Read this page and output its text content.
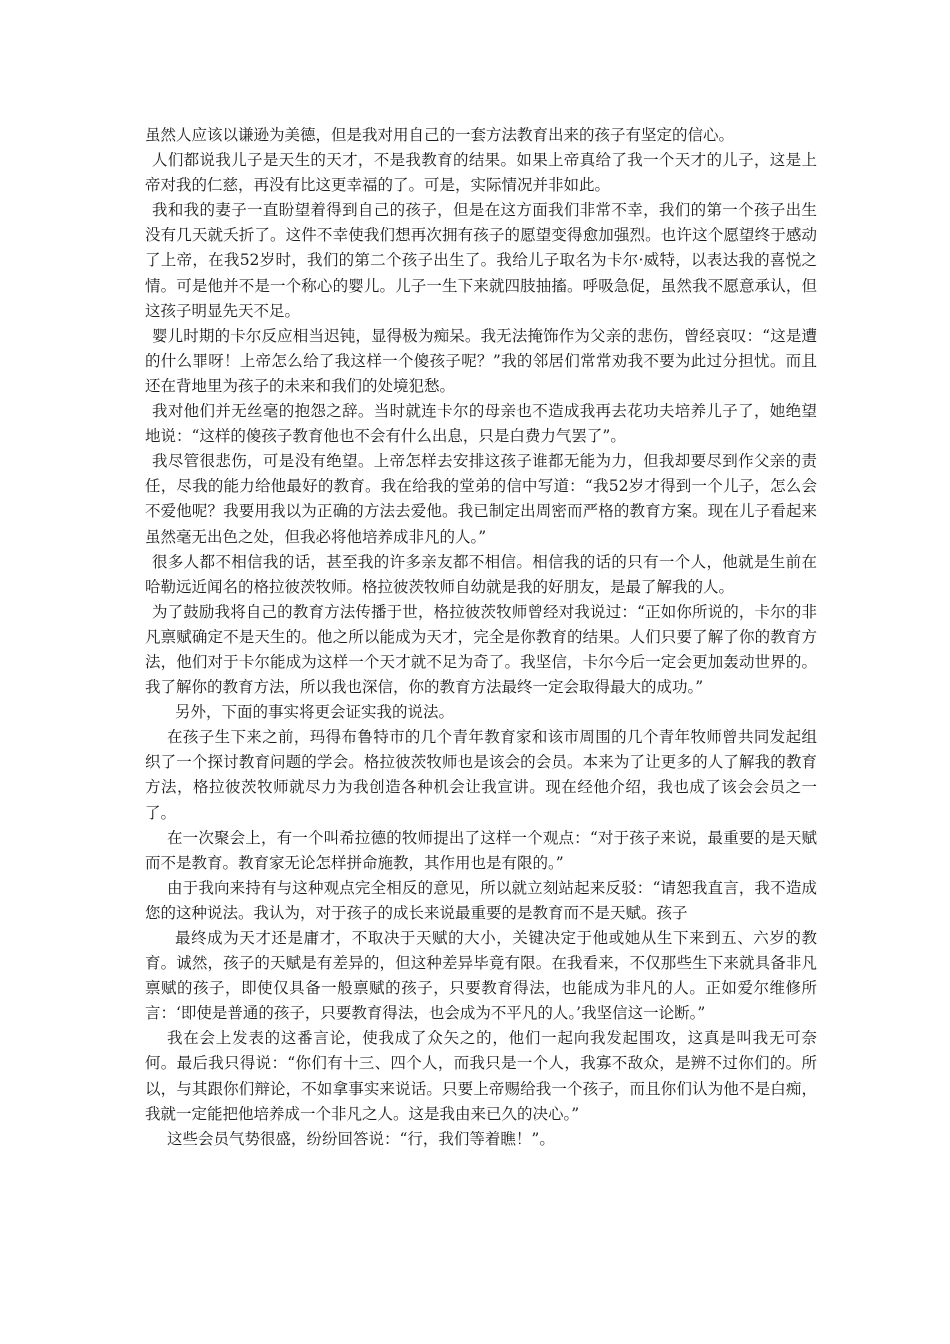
虽然人应该以谦逊为美德，但是我对用自己的一套方法教育出来的孩子有坚定的信心。

人们都说我儿子是天生的天才，不是我教育的结果。如果上帝真给了我一个天才的儿子，这是上帝对我的仁慈，再没有比这更幸福的了。可是，实际情况并非如此。

我和我的妻子一直盼望着得到自己的孩子，但是在这方面我们非常不幸，我们的第一个孩子出生没有几天就夭折了。这件不幸使我们想再次拥有孩子的愿望变得愈加强烈。也许这个愿望终于感动了上帝，在我52岁时，我们的第二个孩子出生了。我给儿子取名为卡尔·威特，以表达我的喜悦之情。可是他并不是一个称心的婴儿。儿子一生下来就四肢抽搐。呼吸急促，虽然我不愿意承认，但这孩子明显先天不足。

婴儿时期的卡尔反应相当迟钝，显得极为痴呆。我无法掩饰作为父亲的悲伤，曾经哀叹：“这是遭的什么罪呀！上帝怎么给了我这样一个傻孩子呢？”我的邻居们常常劝我不要为此过分担忧。而且还在背地里为孩子的未来和我们的处境犯愁。

我对他们并无丝毫的抱怨之辞。当时就连卡尔的母亲也不造成我再去花功夫培养儿子了，她绝望地说：“这样的傻孩子教育他也不会有什么出息，只是白费力气罢了”。

我尽管很悲伤，可是没有绝望。上帝怎样去安排这孩子谁都无能为力，但我却要尽到作父亲的责任，尽我的能力给他最好的教育。我在给我的堂弟的信中写道：“我52岁才得到一个儿子，怎么会不爱他呢？我要用我以为正确的方法去爱他。我已制定出周密而严格的教育方案。现在儿子看起来虽然毫无出色之处，但我必将他培养成非凡的人。”

很多人都不相信我的话，甚至我的许多亲友都不相信。相信我的话的只有一个人，他就是生前在哈勒远近闻名的格拉彼茨牧师。格拉彼茨牧师自幼就是我的好朋友，是最了解我的人。

为了鼓励我将自己的教育方法传播于世，格拉彼茨牧师曾经对我说过：“正如你所说的，卡尔的非凡禀赋确定不是天生的。他之所以能成为天才，完全是你教育的结果。人们只要了解了你的教育方法，他们对于卡尔能成为这样一个天才就不足为奇了。我坚信，卡尔今后一定会更加轰动世界的。我了解你的教育方法，所以我也深信，你的教育方法最终一定会取得最大的成功。”

另外，下面的事实将更会证实我的说法。

在孩子生下来之前，玛得布鲁特市的几个青年教育家和该市周围的几个青年牧师曾共同发起组织了一个探讨教育问题的学会。格拉彼茨牧师也是该会的会员。本来为了让更多的人了解我的教育方法，格拉彼茨牧师就尽力为我创造各种机会让我宣讲。现在经他介绍，我也成了该会会员之一了。

在一次聚会上，有一个叫希拉德的牧师提出了这样一个观点：“对于孩子来说，最重要的是天赋而不是教育。教育家无论怎样拼命施教，其作用也是有限的。”

由于我向来持有与这种观点完全相反的意见，所以就立刻站起来反驳：“请恕我直言，我不造成您的这种说法。我认为，对于孩子的成长来说最重要的是教育而不是天赋。孩子

最终成为天才还是庸才，不取决于天赋的大小，关键决定于他或她从生下来到五、六岁的教育。诚然，孩子的天赋是有差异的，但这种差异毕竟有限。在我看来，不仅那些生下来就具备非凡禀赋的孩子，即使仅具备一般禀赋的孩子，只要教育得法，也能成为非凡的人。正如爱尔维修所言：‘即使是普通的孩子，只要教育得法，也会成为不平凡的人。’我坚信这一论断。”

我在会上发表的这番言论，使我成了众矢之的，他们一起向我发起围攻，这真是叫我无可奈何。最后我只得说：“你们有十三、四个人，而我只是一个人，我寡不敌众，是辨不过你们的。所以，与其跟你们辩论，不如拿事实来说话。只要上帝赐给我一个孩子，而且你们认为他不是白痴，我就一定能把他培养成一个非凡之人。这是我由来已久的决心。”

这些会员气势很盛，纷纷回答说：“行，我们等着瞧！”。
